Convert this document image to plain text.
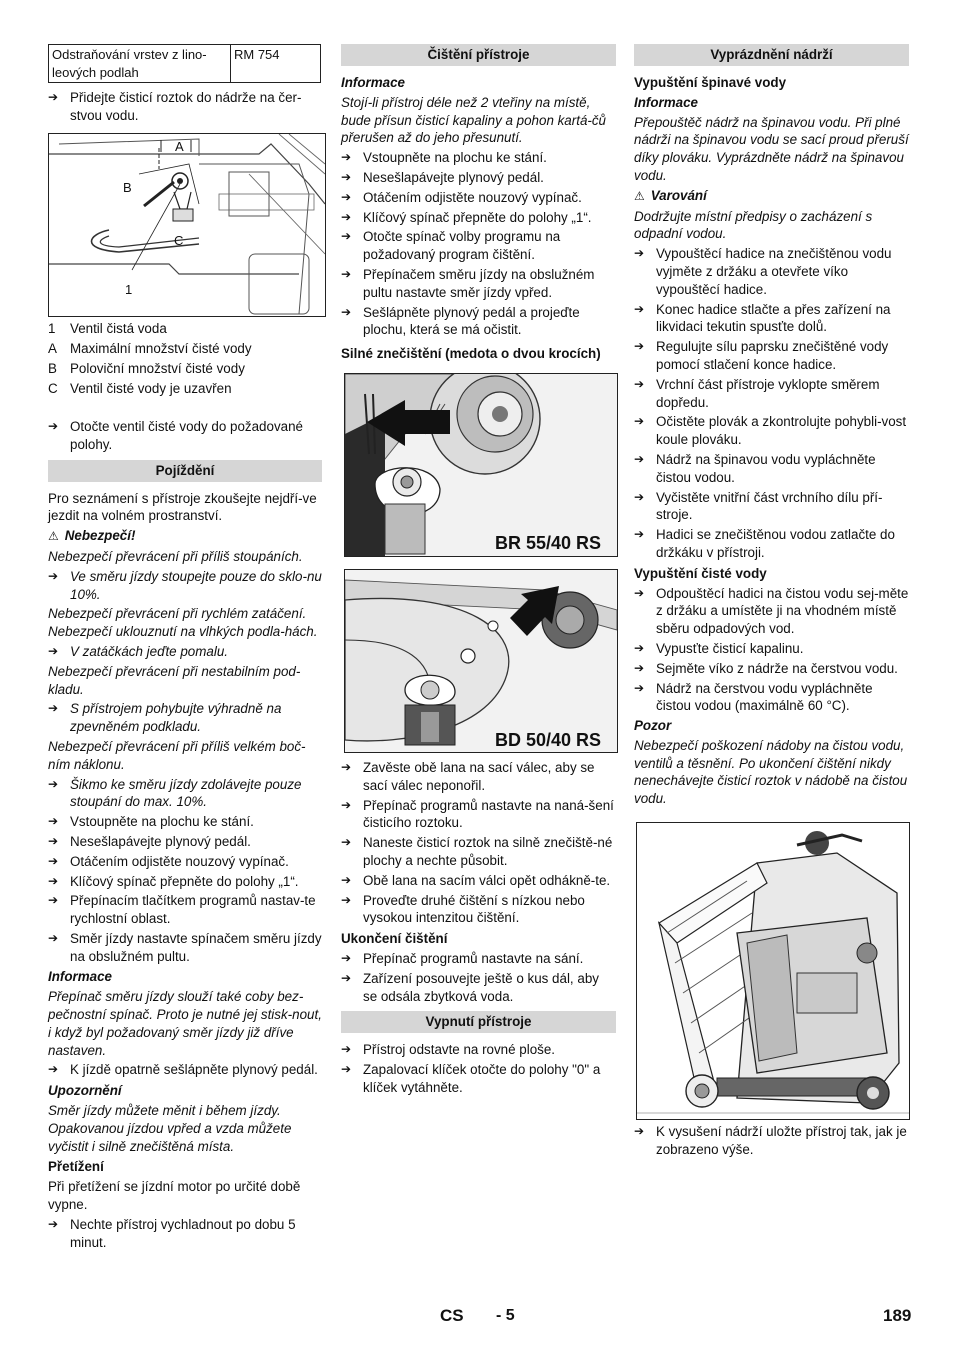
Odstraňování vrstev z lino-leových podlah	RM 754
➔ Přidejte čisticí roztok do nádrže na čer-stvou vodu.
A
B
C
1
1 Ventil čistá voda
A Maximální množství čisté vody
B Poloviční množství čisté vody
C Ventil čisté vody je uzavřen
➔ Otočte ventil čisté vody do požadované polohy.
Pojíždění

Pro seznámení s přístroje zkoušejte nejdří-ve jezdit na volném prostranství.

⚠ Nebezpečí!

Nebezpečí převrácení při příliš stoupáních.

➔ Ve směru jízdy stoupejte pouze do sklo-nu 10%.

Nebezpečí převrácení při rychlém zatáčení. Nebezpečí uklouznutí na vlhkých podla-hách.

➔ V zatáčkách jeďte pomalu.

Nebezpečí převrácení při nestabilním pod-kladu.

➔ S přístrojem pohybujte výhradně na zpevněném podkladu.

Nebezpečí převrácení při příliš velkém boč-ním náklonu.

➔ Šikmo ke směru jízdy zdolávejte pouze stoupání do max. 10%.
➔ Vstoupněte na plochu ke stání.
➔ Nesešlapávejte plynový pedál.
➔ Otáčením odjistěte nouzový vypínač.
➔ Klíčový spínač přepněte do polohy „1“.
➔ Přepínacím tlačítkem programů nastav-te rychlostní oblast.
➔ Směr jízdy nastavte spínačem směru jízdy na obslužném pultu.

Informace

Přepínač směru jízdy slouží také coby bez-pečnostní spínač. Proto je nutné jej stisk-nout, i když byl požadovaný směr jízdy již dříve nastaven.

➔ K jízdě opatrně sešlápněte plynový pedál.

Upozornění

Směr jízdy můžete měnit i během jízdy. Opakovanou jízdou vpřed a vzda můžete vyčistit i silně znečištěná místa.

Přetížení

Při přetížení se jízdní motor po určité době vypne.

➔ Nechte přístroj vychladnout po dobu 5 minut.
Čištění přístroje

Informace

Stojí-li přístroj déle než 2 vteřiny na místě, bude přísun čisticí kapaliny a pohon kartá-čů přerušen až do jeho přesunutí.

➔ Vstoupněte na plochu ke stání.
➔ Nesešlapávejte plynový pedál.
➔ Otáčením odjistěte nouzový vypínač.
➔ Klíčový spínač přepněte do polohy „1“.
➔ Otočte spínač volby programu na požadovaný program čištění.
➔ Přepínačem směru jízdy na obslužném pultu nastavte směr jízdy vpřed.
➔ Sešlápněte plynový pedál a projeďte plochu, která se má očistit.

Silné znečištění (medota o dvou krocích)

BR 55/40 RS
BD 50/40 RS
➔ Zavěste obě lana na sací válec, aby se sací válec neponořil.
➔ Přepínač programů nastavte na naná-šení čisticího roztoku.
➔ Naneste čisticí roztok na silně znečiště-né plochy a nechte působit.
➔ Obě lana na sacím válci opět odhákně-te.
➔ Proveďte druhé čištění s nízkou nebo vysokou intenzitou čištění.

Ukončení čištění

➔ Přepínač programů nastavte na sání.
➔ Zařízení posouvejte ještě o kus dál, aby se odsála zbytková voda.
Vypnutí přístroje
➔ Přístroj odstavte na rovné ploše.
➔ Zapalovací klíček otočte do polohy "0" a klíček vytáhněte.
Vyprázdnění nádrží

Vypuštění špinavé vody

Informace

Přepouštěč nádrž na špinavou vodu. Při plné nádrži na špinavou vodu se sací proud přeruší díky plováku. Vyprázdněte nádrž na špinavou vodu.

⚠ Varování

Dodržujte místní předpisy o zacházení s odpadní vodou.

➔ Vypouštěcí hadice na znečištěnou vodu vyjměte z držáku a otevřete víko vypouštěcí hadice.
➔ Konec hadice stlačte a přes zařízení na likvidaci tekutin spusťte dolů.
➔ Regulujte sílu paprsku znečištěné vody pomocí stlačení konce hadice.
➔ Vrchní část přístroje vyklopte směrem dopředu.
➔ Očistěte plovák a zkontrolujte pohybli-vost koule plováku.
➔ Nádrž na špinavou vodu vypláchněte čistou vodou.
➔ Vyčistěte vnitřní část vrchního dílu pří-stroje.
➔ Hadici se znečištěnou vodou zatlačte do držkáku v přístroji.

Vypuštění čisté vody

➔ Odpouštěcí hadici na čistou vodu sej-měte z držáku a umístěte ji na vhodném místě sběru odpadových vod.
➔ Vypusťte čisticí kapalinu.
➔ Sejměte víko z nádrže na čerstvou vodu.
➔ Nádrž na čerstvou vodu vypláchněte čistou vodou (maximálně 60 °C).

Pozor

Nebezpečí poškození nádoby na čistou vodu, ventilů a těsnění. Po ukončení čištění nikdy nenechávejte čisticí roztok v nádobě na čistou vodu.

➔ K vysušení nádrží uložte přístroj tak, jak je zobrazeno výše.
CS - 5	189
